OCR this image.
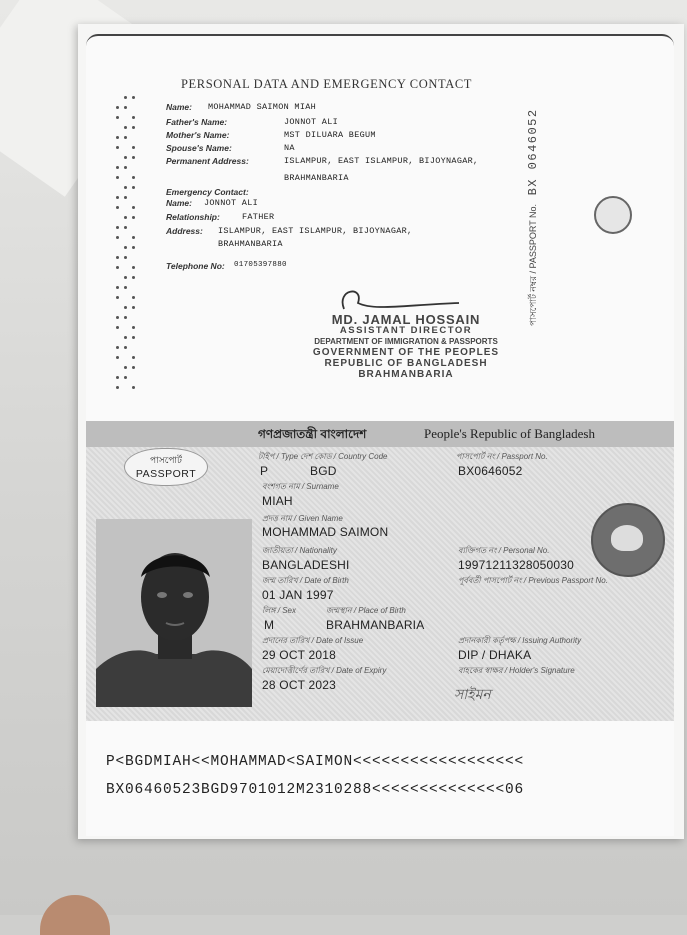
PERSONAL DATA AND EMERGENCY CONTACT
Name: MOHAMMAD SAIMON MIAH
Father's Name:	JONNOT ALI
Mother's Name:	MST DILUARA BEGUM
Spouse's Name:	NA
Permanent Address:	ISLAMPUR, EAST ISLAMPUR, BIJOYNAGAR,
BRAHMANBARIA
Emergency Contact:
Name: JONNOT ALI
Relationship:	FATHER
Address: ISLAMPUR, EAST ISLAMPUR, BIJOYNAGAR,
BRAHMANBARIA
Telephone No: 01705397880
MD. JAMAL HOSSAIN
ASSISTANT DIRECTOR
DEPARTMENT OF IMMIGRATION & PASSPORTS
GOVERNMENT OF THE PEOPLES
REPUBLIC OF BANGLADESH
BRAHMANBARIA
পাসপোর্ট নম্বর / PASSPORT No. BX 0646052
গণপ্রজাতন্ত্রী বাংলাদেশ	People's Republic of Bangladesh
পাসপোর্ট
PASSPORT
টাইপ / Type দেশ কোড / Country Code	পাসপোর্ট নং / Passport No.
P	BGD	BX0646052
বংশগত নাম / Surname
MIAH
প্রদত্ত নাম / Given Name
MOHAMMAD SAIMON
জাতীয়তা / Nationality
BANGLADESHI
ব্যক্তিগত নং / Personal No.
19971211328050030
জন্ম তারিখ / Date of Birth
01 JAN 1997
পূর্ববর্তী পাসপোর্ট নং / Previous Passport No.
লিঙ্গ / Sex	জন্মস্থান / Place of Birth
M	BRAHMANBARIA
প্রদানের তারিখ / Date of Issue
29 OCT 2018
প্রদানকারী কর্তৃপক্ষ / Issuing Authority
DIP / DHAKA
মেয়াদোত্তীর্ণের তারিখ / Date of Expiry
28 OCT 2023
বাহকের স্বাক্ষর / Holder's Signature
সাইমন
P<BGDMIAH<<MOHAMMAD<SAIMON<<<<<<<<<<<<<<<<<<
BX06460523BGD9701012M2310288<<<<<<<<<<<<<<06
